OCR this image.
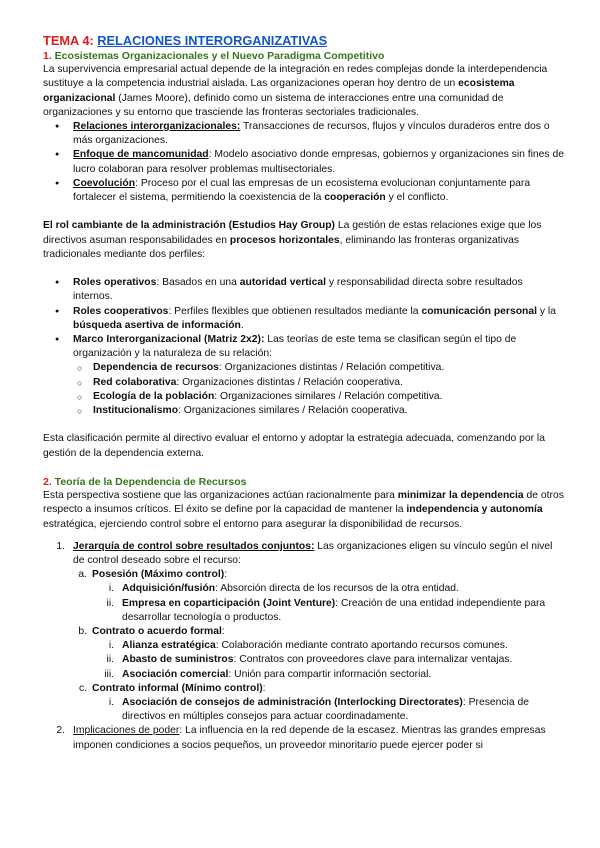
TEMA 4: RELACIONES INTERORGANIZATIVAS

1. Ecosistemas Organizacionales y el Nuevo Paradigma Competitivo

La supervivencia empresarial actual depende de la integración en redes complejas donde la interdependencia sustituye a la competencia industrial aislada. Las organizaciones operan hoy dentro de un ecosistema organizacional (James Moore), definido como un sistema de interacciones entre una comunidad de organizaciones y su entorno que trasciende las fronteras sectoriales tradicionales.

● Relaciones interorganizacionales: Transacciones de recursos, flujos y vínculos duraderos entre dos o más organizaciones.
● Enfoque de mancomunidad: Modelo asociativo donde empresas, gobiernos y organizaciones sin fines de lucro colaboran para resolver problemas multisectoriales.
● Coevolución: Proceso por el cual las empresas de un ecosistema evolucionan conjuntamente para fortalecer el sistema, permitiendo la coexistencia de la cooperación y el conflicto.

El rol cambiante de la administración (Estudios Hay Group) La gestión de estas relaciones exige que los directivos asuman responsabilidades en procesos horizontales, eliminando las fronteras organizativas tradicionales mediante dos perfiles:

● Roles operativos: Basados en una autoridad vertical y responsabilidad directa sobre resultados internos.
● Roles cooperativos: Perfiles flexibles que obtienen resultados mediante la comunicación personal y la búsqueda asertiva de información.
● Marco Interorganizacional (Matriz 2x2): Las teorías de este tema se clasifican según el tipo de organización y la naturaleza de su relación:
○ Dependencia de recursos: Organizaciones distintas / Relación competitiva.
○ Red colaborativa: Organizaciones distintas / Relación cooperativa.
○ Ecología de la población: Organizaciones similares / Relación competitiva.
○ Institucionalismo: Organizaciones similares / Relación cooperativa.

Esta clasificación permite al directivo evaluar el entorno y adoptar la estrategia adecuada, comenzando por la gestión de la dependencia externa.

2. Teoría de la Dependencia de Recursos

Esta perspectiva sostiene que las organizaciones actúan racionalmente para minimizar la dependencia de otros respecto a insumos críticos. El éxito se define por la capacidad de mantener la independencia y autonomía estratégica, ejerciendo control sobre el entorno para asegurar la disponibilidad de recursos.

1. Jerarquía de control sobre resultados conjuntos: Las organizaciones eligen su vínculo según el nivel de control deseado sobre el recurso:
a. Posesión (Máximo control):
i. Adquisición/fusión: Absorción directa de los recursos de la otra entidad.
ii. Empresa en coparticipación (Joint Venture): Creación de una entidad independiente para desarrollar tecnología o productos.
b. Contrato o acuerdo formal:
i. Alianza estratégica: Colaboración mediante contrato aportando recursos comunes.
ii. Abasto de suministros: Contratos con proveedores clave para internalizar ventajas.
iii. Asociación comercial: Unión para compartir información sectorial.
c. Contrato informal (Mínimo control):
i. Asociación de consejos de administración (Interlocking Directorates): Presencia de directivos en múltiples consejos para actuar coordinadamente.
2. Implicaciones de poder: La influencia en la red depende de la escasez. Mientras las grandes empresas imponen condiciones a socios pequeños, un proveedor minoritario puede ejercer poder si
